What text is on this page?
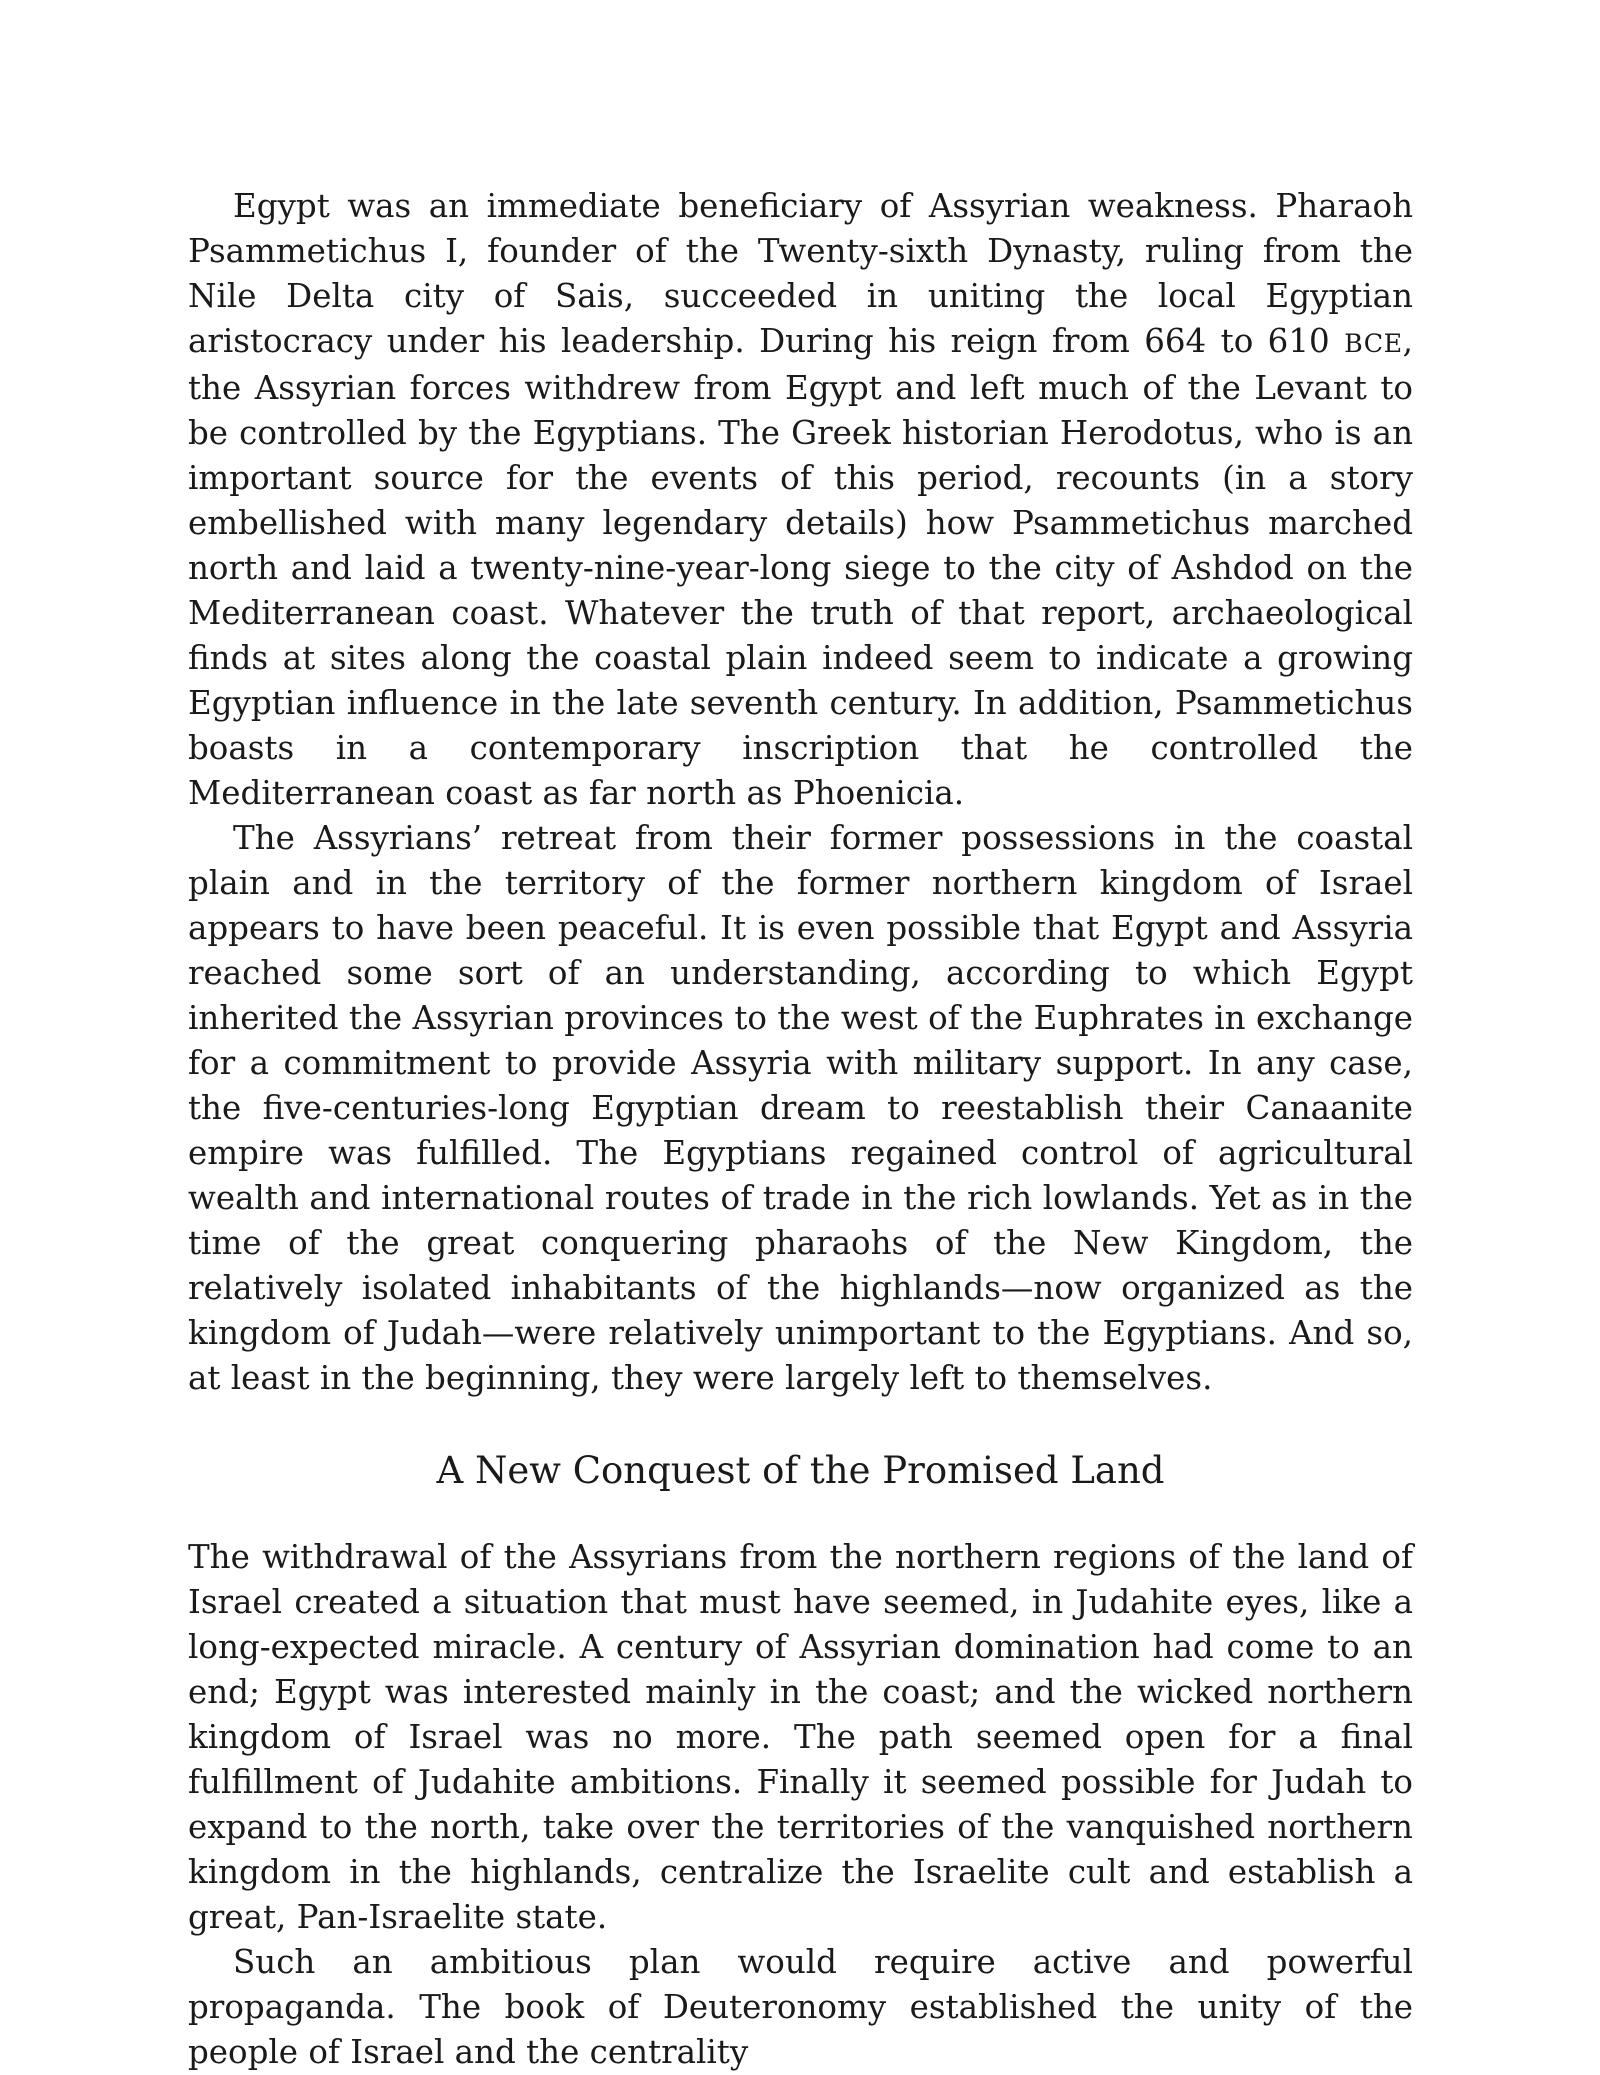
Egypt was an immediate beneficiary of Assyrian weakness. Pharaoh Psammetichus I, founder of the Twenty-sixth Dynasty, ruling from the Nile Delta city of Sais, succeeded in uniting the local Egyptian aristocracy under his leadership. During his reign from 664 to 610 BCE, the Assyrian forces withdrew from Egypt and left much of the Levant to be controlled by the Egyptians. The Greek historian Herodotus, who is an important source for the events of this period, recounts (in a story embellished with many legendary details) how Psammetichus marched north and laid a twenty-nine-year-long siege to the city of Ashdod on the Mediterranean coast. Whatever the truth of that report, archaeological finds at sites along the coastal plain indeed seem to indicate a growing Egyptian influence in the late seventh century. In addition, Psammetichus boasts in a contemporary inscription that he controlled the Mediterranean coast as far north as Phoenicia.

The Assyrians’ retreat from their former possessions in the coastal plain and in the territory of the former northern kingdom of Israel appears to have been peaceful. It is even possible that Egypt and Assyria reached some sort of an understanding, according to which Egypt inherited the Assyrian provinces to the west of the Euphrates in exchange for a commitment to provide Assyria with military support. In any case, the five-centuries-long Egyptian dream to reestablish their Canaanite empire was fulfilled. The Egyptians regained control of agricultural wealth and international routes of trade in the rich lowlands. Yet as in the time of the great conquering pharaohs of the New Kingdom, the relatively isolated inhabitants of the highlands—now organized as the kingdom of Judah—were relatively unimportant to the Egyptians. And so, at least in the beginning, they were largely left to themselves.

A New Conquest of the Promised Land

The withdrawal of the Assyrians from the northern regions of the land of Israel created a situation that must have seemed, in Judahite eyes, like a long-expected miracle. A century of Assyrian domination had come to an end; Egypt was interested mainly in the coast; and the wicked northern kingdom of Israel was no more. The path seemed open for a final fulfillment of Judahite ambitions. Finally it seemed possible for Judah to expand to the north, take over the territories of the vanquished northern kingdom in the highlands, centralize the Israelite cult and establish a great, Pan-Israelite state.

Such an ambitious plan would require active and powerful propaganda. The book of Deuteronomy established the unity of the people of Israel and the centrality
